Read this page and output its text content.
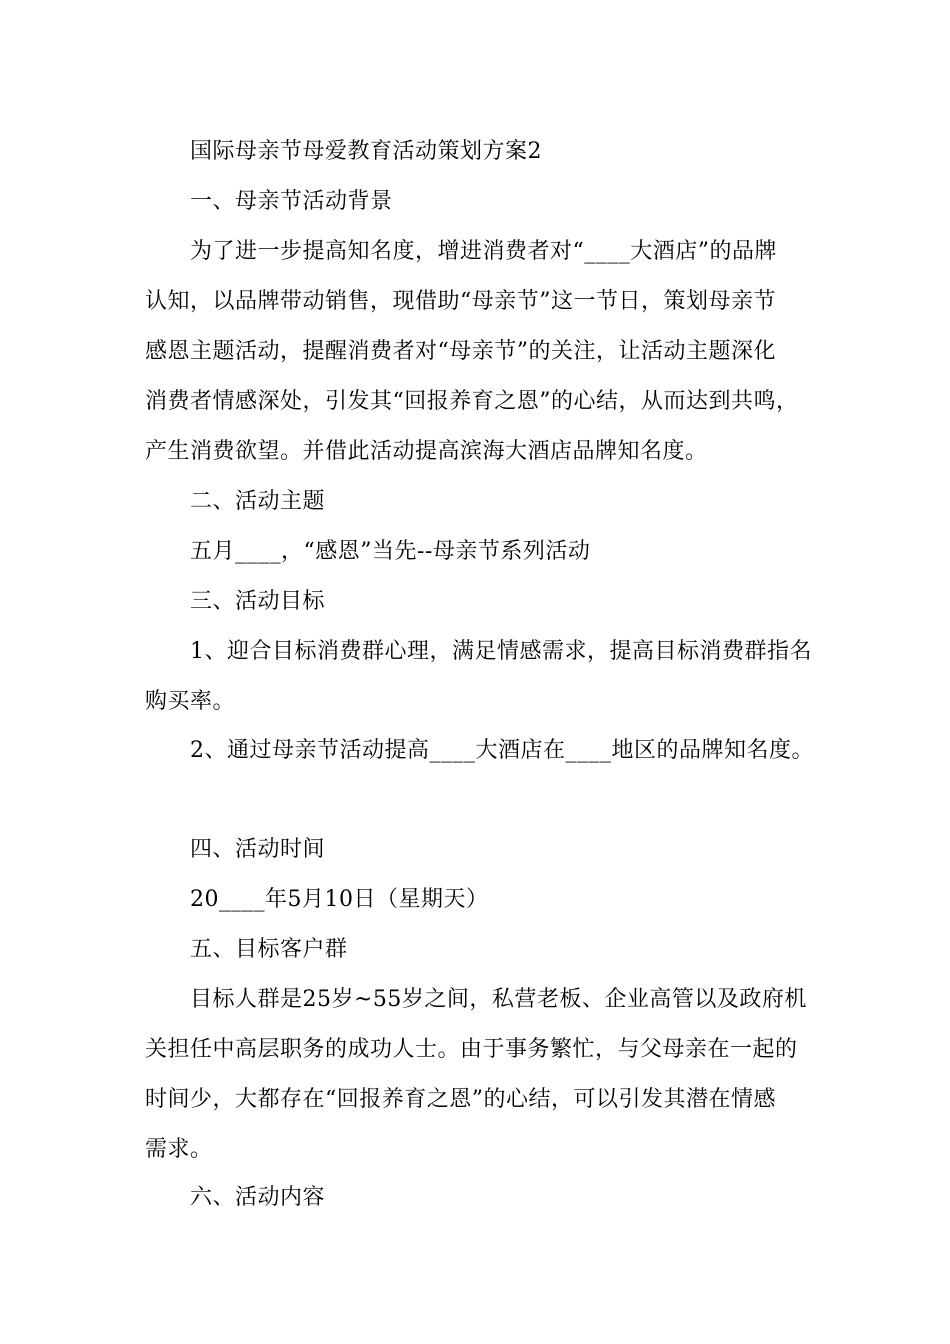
国际母亲节母爱教育活动策划方案2
一、母亲节活动背景
为了进一步提高知名度，增进消费者对“____大酒店”的品牌
认知，以品牌带动销售，现借助“母亲节”这一节日，策划母亲节
感恩主题活动，提醒消费者对“母亲节”的关注，让活动主题深化
消费者情感深处，引发其“回报养育之恩”的心结，从而达到共鸣，
产生消费欲望。并借此活动提高滨海大酒店品牌知名度。
二、活动主题
五月____，“感恩”当先--母亲节系列活动
三、活动目标
1、迎合目标消费群心理，满足情感需求，提高目标消费群指名
购买率。
2、通过母亲节活动提高____大酒店在____地区的品牌知名度。
四、活动时间
20____年5月10日（星期天）
五、目标客户群
目标人群是25岁~55岁之间，私营老板、企业高管以及政府机
关担任中高层职务的成功人士。由于事务繁忙，与父母亲在一起的
时间少，大都存在“回报养育之恩”的心结，可以引发其潜在情感
需求。
六、活动内容
